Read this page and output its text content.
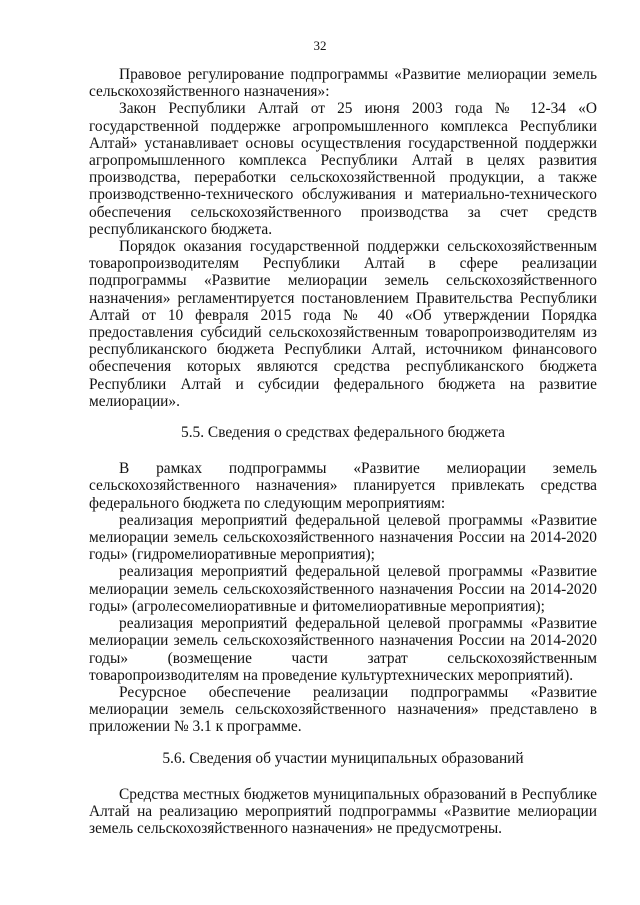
32

Правовое регулирование подпрограммы «Развитие мелиорации земель сельскохозяйственного назначения»:

Закон Республики Алтай от 25 июня 2003 года № 12-34 «О государственной поддержке агропромышленного комплекса Республики Алтай» устанавливает основы осуществления государственной поддержки агропромышленного комплекса Республики Алтай в целях развития производства, переработки сельскохозяйственной продукции, а также производственно-технического обслуживания и материально-технического обеспечения сельскохозяйственного производства за счет средств республиканского бюджета.

Порядок оказания государственной поддержки сельскохозяйственным товаропроизводителям Республики Алтай в сфере реализации подпрограммы «Развитие мелиорации земель сельскохозяйственного назначения» регламентируется постановлением Правительства Республики Алтай от 10 февраля 2015 года № 40 «Об утверждении Порядка предоставления субсидий сельскохозяйственным товаропроизводителям из республиканского бюджета Республики Алтай, источником финансового обеспечения которых являются средства республиканского бюджета Республики Алтай и субсидии федерального бюджета на развитие мелиорации».

5.5. Сведения о средствах федерального бюджета

В рамках подпрограммы «Развитие мелиорации земель сельскохозяйственного назначения» планируется привлекать средства федерального бюджета по следующим мероприятиям:

реализация мероприятий федеральной целевой программы «Развитие мелиорации земель сельскохозяйственного назначения России на 2014-2020 годы» (гидромелиоративные мероприятия);

реализация мероприятий федеральной целевой программы «Развитие мелиорации земель сельскохозяйственного назначения России на 2014-2020 годы» (агролесомелиоративные и фитомелиоративные мероприятия);

реализация мероприятий федеральной целевой программы «Развитие мелиорации земель сельскохозяйственного назначения России на 2014-2020 годы» (возмещение части затрат сельскохозяйственным товаропроизводителям на проведение культуртехнических мероприятий).

Ресурсное обеспечение реализации подпрограммы «Развитие мелиорации земель сельскохозяйственного назначения» представлено в приложении № 3.1 к программе.

5.6. Сведения об участии муниципальных образований

Средства местных бюджетов муниципальных образований в Республике Алтай на реализацию мероприятий подпрограммы «Развитие мелиорации земель сельскохозяйственного назначения» не предусмотрены.
